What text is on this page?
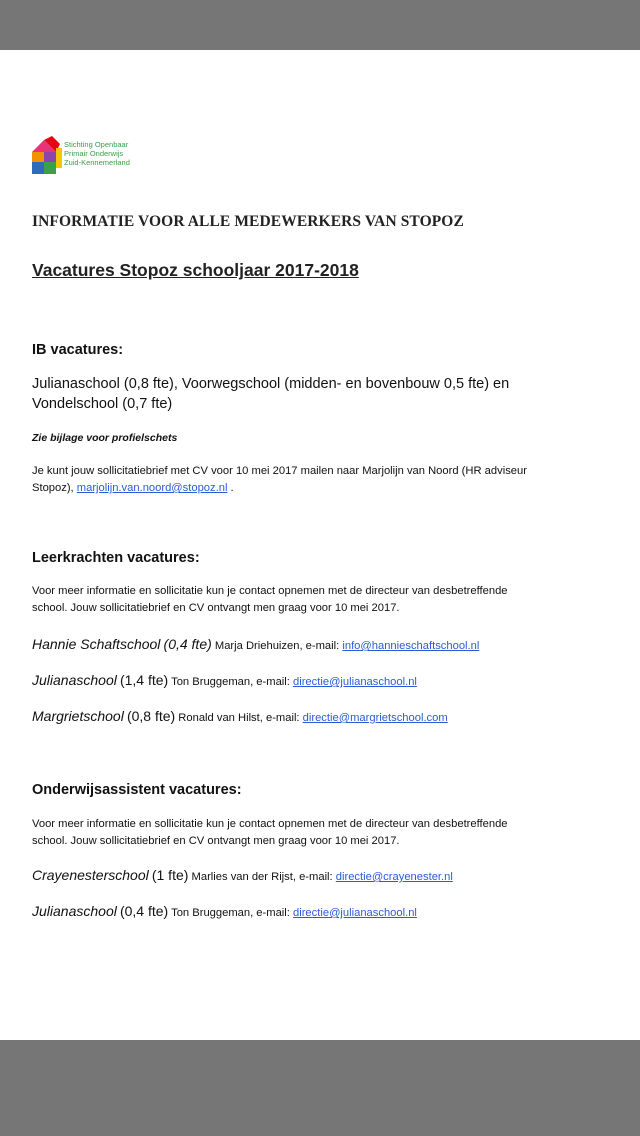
Stichting Openbaar
Primair Onderwijs
Zuid-Kennemerland
INFORMATIE VOOR ALLE MEDEWERKERS VAN STOPOZ
Vacatures Stopoz schooljaar 2017-2018
IB vacatures:
Julianaschool (0,8 fte), Voorwegschool (midden- en bovenbouw 0,5 fte) en
Vondelschool (0,7 fte)
Zie bijlage voor profielschets
Je kunt jouw sollicitatiebrief met CV voor 10 mei 2017 mailen naar Marjolijn van Noord (HR adviseur
Stopoz), marjolijn.van.noord@stopoz.nl .
Leerkrachten vacatures:
Voor meer informatie en sollicitatie kun je contact opnemen met de directeur van desbetreffende
school. Jouw sollicitatiebrief en CV ontvangt men graag voor 10 mei 2017.
Hannie Schaftschool (0,4 fte) Marja Driehuizen, e-mail: info@hannieschaftschool.nl
Julianaschool (1,4 fte) Ton Bruggeman, e-mail: directie@julianaschool.nl
Margrietschool (0,8 fte) Ronald van Hilst, e-mail: directie@margrietschool.com
Onderwijsassistent vacatures:
Voor meer informatie en sollicitatie kun je contact opnemen met de directeur van desbetreffende
school. Jouw sollicitatiebrief en CV ontvangt men graag voor 10 mei 2017.
Crayenesterschool (1 fte) Marlies van der Rijst, e-mail: directie@crayenester.nl
Julianaschool (0,4 fte) Ton Bruggeman, e-mail: directie@julianaschool.nl
